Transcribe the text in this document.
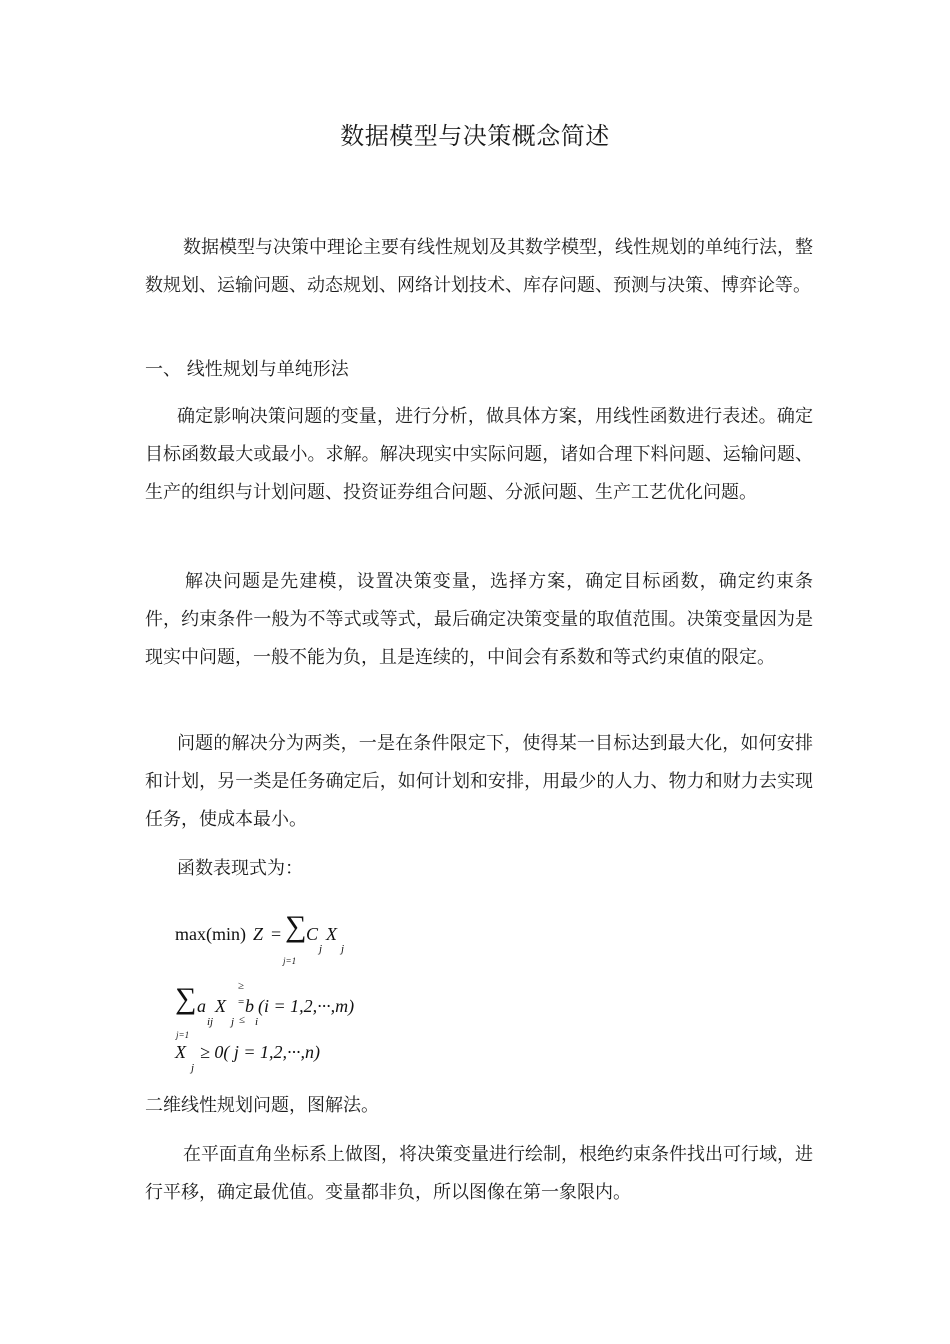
数据模型与决策概念简述

数据模型与决策中理论主要有线性规划及其数学模型，线性规划的单纯行法，整数规划、运输问题、动态规划、网络计划技术、库存问题、预测与决策、博弈论等。

一、 线性规划与单纯形法

确定影响决策问题的变量，进行分析，做具体方案，用线性函数进行表述。确定目标函数最大或最小。求解。解决现实中实际问题，诸如合理下料问题、运输问题、生产的组织与计划问题、投资证券组合问题、分派问题、生产工艺优化问题。

解决问题是先建模，设置决策变量，选择方案，确定目标函数，确定约束条件，约束条件一般为不等式或等式，最后确定决策变量的取值范围。决策变量因为是现实中问题，一般不能为负，且是连续的，中间会有系数和等式约束值的限定。

问题的解决分为两类，一是在条件限定下，使得某一目标达到最大化，如何安排和计划，另一类是任务确定后，如何计划和安排，用最少的人力、物力和财力去实现任务，使成本最小。

函数表现式为：

max(min) Z = ∑ C
j
X
j
j=1
∑ a
ij
X
j
≥
=
≤
b
i
(i = 1,2,···,m)
j=1
X
j
≥ 0( j = 1,2,···,n)

二维线性规划问题，图解法。

在平面直角坐标系上做图，将决策变量进行绘制，根绝约束条件找出可行域，进行平移，确定最优值。变量都非负，所以图像在第一象限内。
